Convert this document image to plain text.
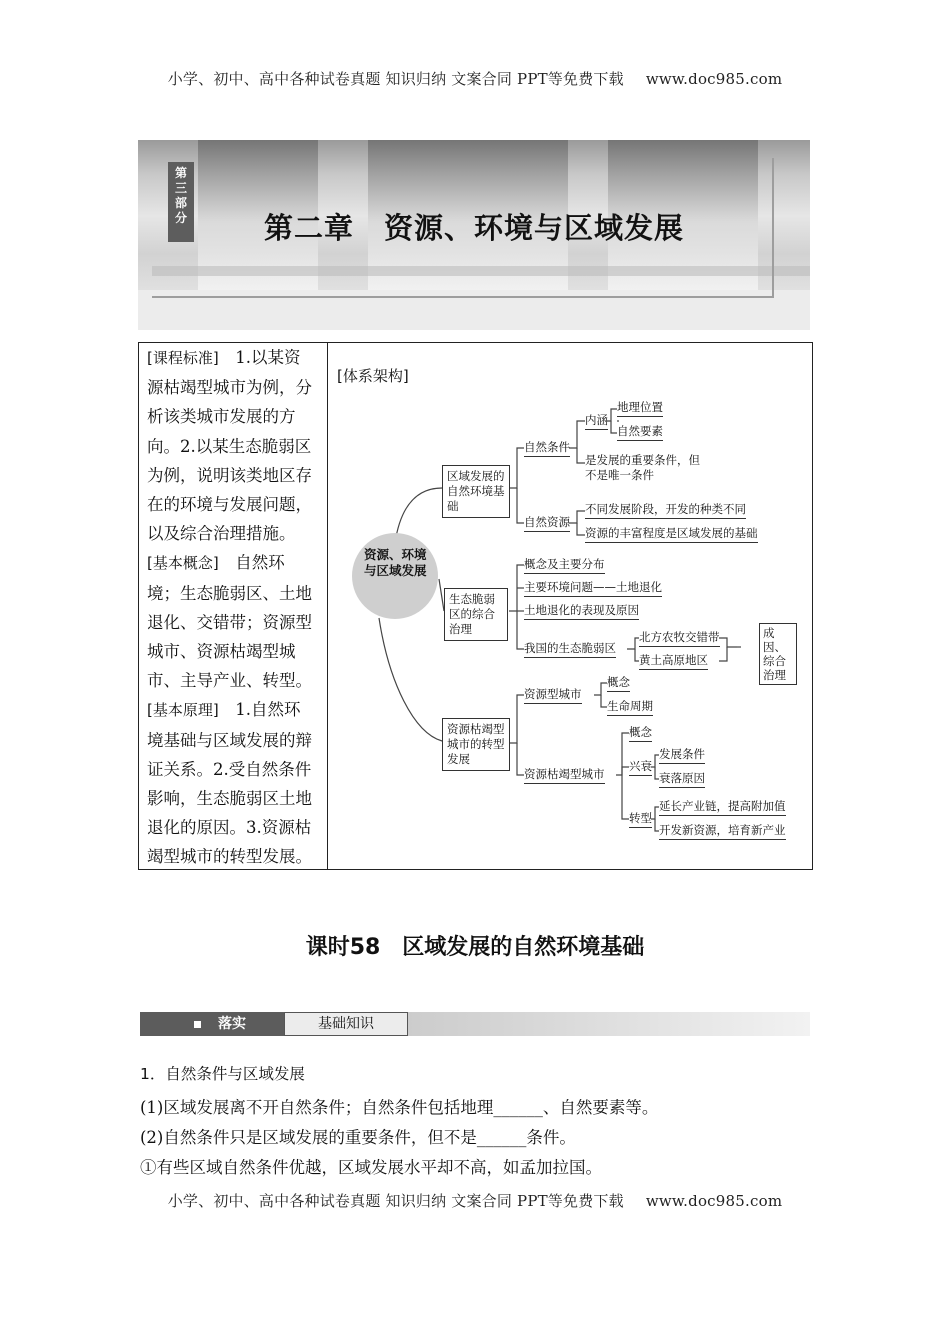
小学、初中、高中各种试卷真题 知识归纳 文案合同 PPT等免费下载 www.doc985.com
第三部分	第二章　资源、环境与区域发展
[课程标准]　1.以某资
源枯竭型城市为例，分
析该类城市发展的方
向。2.以某生态脆弱区
为例，说明该类地区存
在的环境与发展问题，
以及综合治理措施。
[基本概念]　自然环
境；生态脆弱区、土地
退化、交错带；资源型
城市、资源枯竭型城
市、主导产业、转型。
[基本原理]　1.自然环
境基础与区域发展的辩
证关系。2.受自然条件
影响，生态脆弱区土地
退化的原因。3.资源枯
竭型城市的转型发展。
[体系架构]
资源、环境与区域发展
区域发展的自然环境基础
自然条件
内涵
地理位置
自然要素
是发展的重要条件，但不是唯一条件
自然资源
不同发展阶段，开发的种类不同
资源的丰富程度是区域发展的基础
生态脆弱区的综合治理
概念及主要分布
主要环境问题——土地退化
土地退化的表现及原因
我国的生态脆弱区
北方农牧交错带
黄土高原地区
成因、综合治理
资源枯竭型城市的转型发展
资源型城市
概念
生命周期
资源枯竭型城市
概念
兴衰
发展条件
衰落原因
转型
延长产业链，提高附加值
开发新资源，培育新产业
课时58　区域发展的自然环境基础
落实	基础知识
1．自然条件与区域发展
(1)区域发展离不开自然条件；自然条件包括地理______、自然要素等。
(2)自然条件只是区域发展的重要条件，但不是______条件。
①有些区域自然条件优越，区域发展水平却不高，如孟加拉国。
小学、初中、高中各种试卷真题 知识归纳 文案合同 PPT等免费下载 www.doc985.com
